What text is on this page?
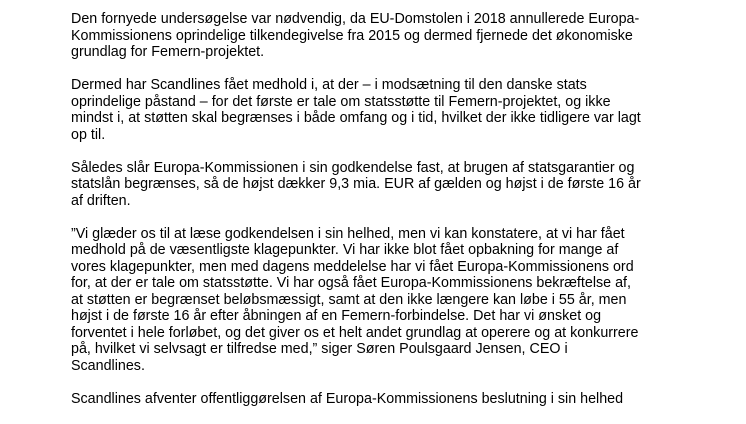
Den fornyede undersøgelse var nødvendig, da EU-Domstolen i 2018 annullerede Europa-
Kommissionens oprindelige tilkendegivelse fra 2015 og dermed fjernede det økonomiske
grundlag for Femern-projektet.

Dermed har Scandlines fået medhold i, at der – i modsætning til den danske stats
oprindelige påstand – for det første er tale om statsstøtte til Femern-projektet, og ikke
mindst i, at støtten skal begrænses i både omfang og i tid, hvilket der ikke tidligere var lagt
op til.

Således slår Europa-Kommissionen i sin godkendelse fast, at brugen af statsgarantier og
statslån begrænses, så de højst dækker 9,3 mia. EUR af gælden og højst i de første 16 år
af driften.

”Vi glæder os til at læse godkendelsen i sin helhed, men vi kan konstatere, at vi har fået
medhold på de væsentligste klagepunkter. Vi har ikke blot fået opbakning for mange af
vores klagepunkter, men med dagens meddelelse har vi fået Europa-Kommissionens ord
for, at der er tale om statsstøtte. Vi har også fået Europa-Kommissionens bekræftelse af,
at støtten er begrænset beløbsmæssigt, samt at den ikke længere kan løbe i 55 år, men
højst i de første 16 år efter åbningen af en Femern-forbindelse. Det har vi ønsket og
forventet i hele forløbet, og det giver os et helt andet grundlag at operere og at konkurrere
på, hvilket vi selvsagt er tilfredse med,” siger Søren Poulsgaard Jensen, CEO i
Scandlines.

Scandlines afventer offentliggørelsen af Europa-Kommissionens beslutning i sin helhed
